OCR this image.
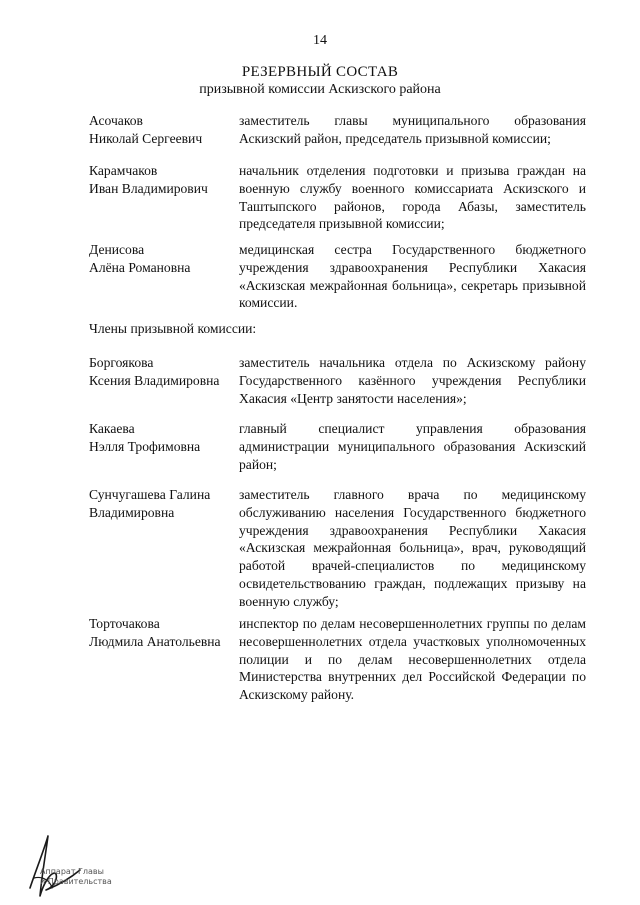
14
РЕЗЕРВНЫЙ СОСТАВ
призывной комиссии Аскизского района
Асочаков
Николай Сергеевич
заместитель главы муниципального образования Аскизский район, председатель призывной комиссии;
Карамчаков
Иван Владимирович
начальник отделения подготовки и призыва граждан на военную службу военного комиссариата Аскизского и Таштыпского районов, города Абазы, заместитель председателя призывной комиссии;
Денисова
Алёна Романовна
медицинская сестра Государственного бюджетного учреждения здравоохранения Республики Хакасия «Аскизская межрайонная больница», секретарь призывной комиссии.
Члены призывной комиссии:
Боргоякова
Ксения Владимировна
заместитель начальника отдела по Аскизскому району Государственного казённого учреждения Республики Хакасия «Центр занятости населения»;
Какаева
Нэлля Трофимовна
главный специалист управления образования администрации муниципального образования Аскизский район;
Сунчугашева Галина
Владимировна
заместитель главного врача по медицинскому обслуживанию населения Государственного бюджетного учреждения здравоохранения Республики Хакасия «Аскизская межрайонная больница», врач, руководящий работой врачей-специалистов по медицинскому освидетельствованию граждан, подлежащих призыву на военную службу;
Торточакова
Людмила Анатольевна
инспектор по делам несовершеннолетних группы по делам несовершеннолетних отдела участковых уполномоченных полиции и по делам несовершеннолетних отдела Министерства внутренних дел Российской Федерации по Аскизскому району.
Аппарат Главы
и Правительства
